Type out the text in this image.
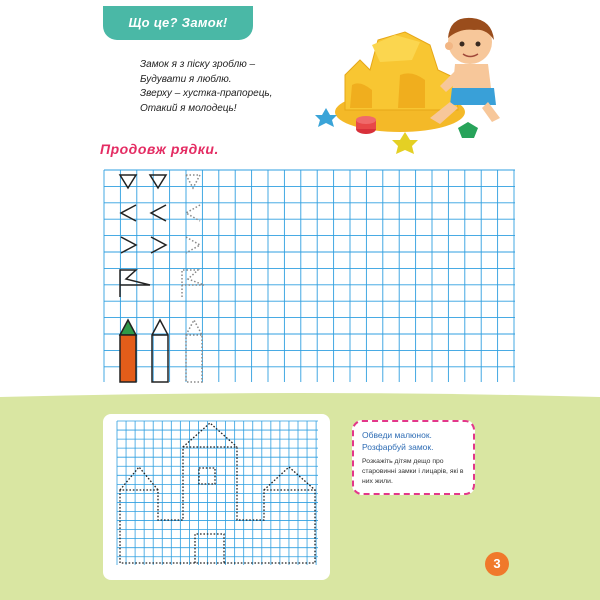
Що це? Замок!
Замок я з піску зроблю –
Будувати я люблю.
Зверху – хустка-прапорець,
Отакий я молодець!
Продовж рядки.
Обведи малюнок. Розфарбуй замок.
Розкажіть дітям дещо про старовинні замки і лицарів, які в них жили.
3
